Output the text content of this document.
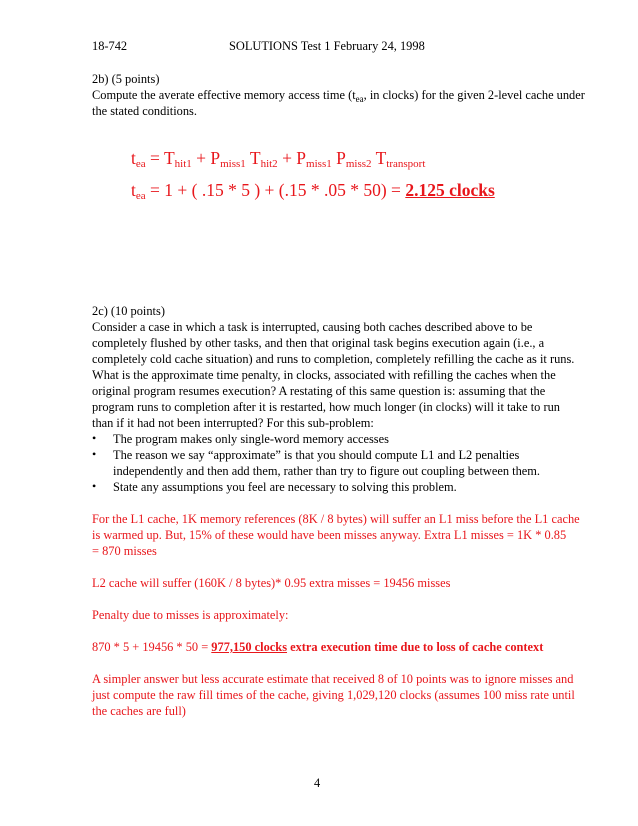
18-742	SOLUTIONS Test 1 February 24, 1998
2b) (5 points)
Compute the averate effective memory access time ($t_{ea}$, in clocks) for the given 2-level cache under
the stated conditions.
$t_{ea} = T_{hit1} + P_{miss1}$ $T_{hit2} + P_{miss1}$ $P_{miss2}$ $T_{transport}$
$t_{ea} = 1$ + ( .15 * 5 ) + (.15 * .05 * 50) = 2.125 clocks
2c) (10 points)
Consider a case in which a task is interrupted, causing both caches described above to be
completely flushed by other tasks, and then that original task begins execution again (i.e., a
completely cold cache situation) and runs to completion, completely refilling the cache as it runs.
What is the approximate time penalty, in clocks, associated with refilling the caches when the
original program resumes execution? A restating of this same question is: assuming that the
program runs to completion after it is restarted, how much longer (in clocks) will it take to run
than if it had not been interrupted? For this sub-problem:
• The program makes only single-word memory accesses
• The reason we say “approximate” is that you should compute L1 and L2 penalties
independently and then add them, rather than try to figure out coupling between them.
• State any assumptions you feel are necessary to solving this problem.
For the L1 cache, 1K memory references (8K / 8 bytes) will suffer an L1 miss before the L1 cache
is warmed up. But, 15% of these would have been misses anyway. Extra L1 misses = 1K * 0.85
= 870 misses
L2 cache will suffer (160K / 8 bytes)* 0.95 extra misses = 19456 misses
Penalty due to misses is approximately:
870 * 5 + 19456 * 50 = 977,150 clocks extra execution time due to loss of cache context
A simpler answer but less accurate estimate that received 8 of 10 points was to ignore misses and
just compute the raw fill times of the cache, giving 1,029,120 clocks (assumes 100 miss rate until
the caches are full)
4
